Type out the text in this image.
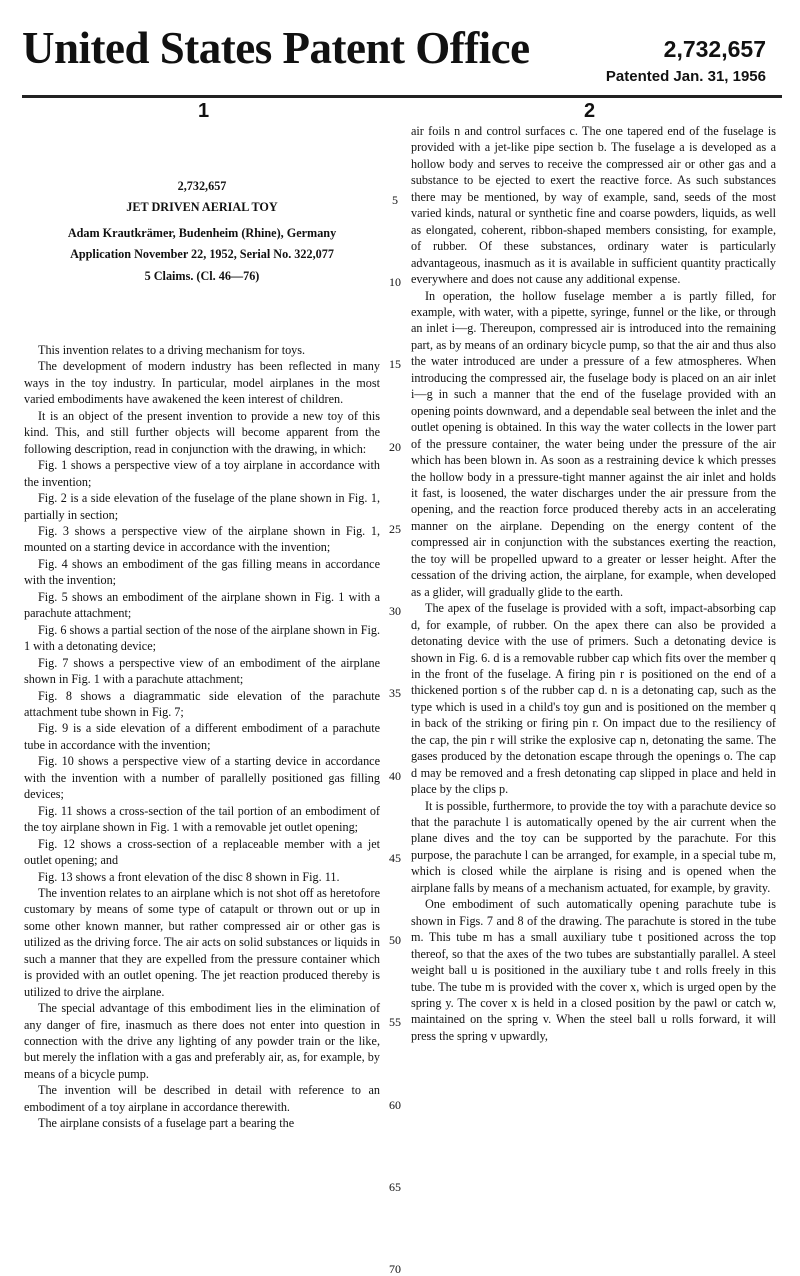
United States Patent Office	2,732,657
Patented Jan. 31, 1956
1	2

2,732,657

JET DRIVEN AERIAL TOY

Adam Krautkrämer, Budenheim (Rhine), Germany

Application November 22, 1952, Serial No. 322,077

5 Claims. (Cl. 46—76)

This invention relates to a driving mechanism for toys.

The development of modern industry has been reflected in many ways in the toy industry. In particular, model airplanes in the most varied embodiments have awakened the keen interest of children.

It is an object of the present invention to provide a new toy of this kind. This, and still further objects will become apparent from the following description, read in conjunction with the drawing, in which:

Fig. 1 shows a perspective view of a toy airplane in accordance with the invention;

Fig. 2 is a side elevation of the fuselage of the plane shown in Fig. 1, partially in section;

Fig. 3 shows a perspective view of the airplane shown in Fig. 1, mounted on a starting device in accordance with the invention;

Fig. 4 shows an embodiment of the gas filling means in accordance with the invention;

Fig. 5 shows an embodiment of the airplane shown in Fig. 1 with a parachute attachment;

Fig. 6 shows a partial section of the nose of the airplane shown in Fig. 1 with a detonating device;

Fig. 7 shows a perspective view of an embodiment of the airplane shown in Fig. 1 with a parachute attachment;

Fig. 8 shows a diagrammatic side elevation of the parachute attachment tube shown in Fig. 7;

Fig. 9 is a side elevation of a different embodiment of a parachute tube in accordance with the invention;

Fig. 10 shows a perspective view of a starting device in accordance with the invention with a number of parallelly positioned gas filling devices;

Fig. 11 shows a cross-section of the tail portion of an embodiment of the toy airplane shown in Fig. 1 with a removable jet outlet opening;

Fig. 12 shows a cross-section of a replaceable member with a jet outlet opening; and

Fig. 13 shows a front elevation of the disc 8 shown in Fig. 11.

The invention relates to an airplane which is not shot off as heretofore customary by means of some type of catapult or thrown out or up in some other known manner, but rather compressed air or other gas is utilized as the driving force. The air acts on solid substances or liquids in such a manner that they are expelled from the pressure container which is provided with an outlet opening. The jet reaction produced thereby is utilized to drive the airplane.

The special advantage of this embodiment lies in the elimination of any danger of fire, inasmuch as there does not enter into question in connection with the drive any lighting of any powder train or the like, but merely the inflation with a gas and preferably air, as, for example, by means of a bicycle pump.

The invention will be described in detail with reference to an embodiment of a toy airplane in accordance therewith.

The airplane consists of a fuselage part a bearing the

air foils n and control surfaces c. The one tapered end of the fuselage is provided with a jet-like pipe section b. The fuselage a is developed as a hollow body and serves to receive the compressed air or other gas and a substance to be ejected to exert the reactive force. As such substances there may be mentioned, by way of example, sand, seeds of the most varied kinds, natural or synthetic fine and coarse powders, liquids, as well as elongated, coherent, ribbon-shaped members consisting, for example, of rubber. Of these substances, ordinary water is particularly advantageous, inasmuch as it is available in sufficient quantity practically everywhere and does not cause any additional expense.

In operation, the hollow fuselage member a is partly filled, for example, with water, with a pipette, syringe, funnel or the like, or through an inlet i—g. Thereupon, compressed air is introduced into the remaining part, as by means of an ordinary bicycle pump, so that the air and thus also the water introduced are under a pressure of a few atmospheres. When introducing the compressed air, the fuselage body is placed on an air inlet i—g in such a manner that the end of the fuselage provided with an opening points downward, and a dependable seal between the inlet and the outlet opening is obtained. In this way the water collects in the lower part of the pressure container, the water being under the pressure of the air which has been blown in. As soon as a restraining device k which presses the hollow body in a pressure-tight manner against the air inlet and holds it fast, is loosened, the water discharges under the air pressure from the opening, and the reaction force produced thereby acts in an accelerating manner on the airplane. Depending on the energy content of the compressed air in conjunction with the substances exerting the reaction, the toy will be propelled upward to a greater or lesser height. After the cessation of the driving action, the airplane, for example, when developed as a glider, will gradually glide to the earth.

The apex of the fuselage is provided with a soft, impact-absorbing cap d, for example, of rubber. On the apex there can also be provided a detonating device with the use of primers. Such a detonating device is shown in Fig. 6. d is a removable rubber cap which fits over the member q in the front of the fuselage. A firing pin r is positioned on the end of a thickened portion s of the rubber cap d. n is a detonating cap, such as the type which is used in a child's toy gun and is positioned on the member q in back of the striking or firing pin r. On impact due to the resiliency of the cap, the pin r will strike the explosive cap n, detonating the same. The gases produced by the detonation escape through the openings o. The cap d may be removed and a fresh detonating cap slipped in place and held in place by the clips p.

It is possible, furthermore, to provide the toy with a parachute device so that the parachute l is automatically opened by the air current when the plane dives and the toy can be supported by the parachute. For this purpose, the parachute l can be arranged, for example, in a special tube m, which is closed while the airplane is rising and is opened when the airplane falls by means of a mechanism actuated, for example, by gravity.

One embodiment of such automatically opening parachute tube is shown in Figs. 7 and 8 of the drawing. The parachute is stored in the tube m. This tube m has a small auxiliary tube t positioned across the top thereof, so that the axes of the two tubes are substantially parallel. A steel weight ball u is positioned in the auxiliary tube t and rolls freely in this tube. The tube m is provided with the cover x, which is urged open by the spring y. The cover x is held in a closed position by the pawl or catch w, maintained on the spring v. When the steel ball u rolls forward, it will press the spring v upwardly,

5
10
15
20
25
30
35
40
45
50
55
60
65
70
